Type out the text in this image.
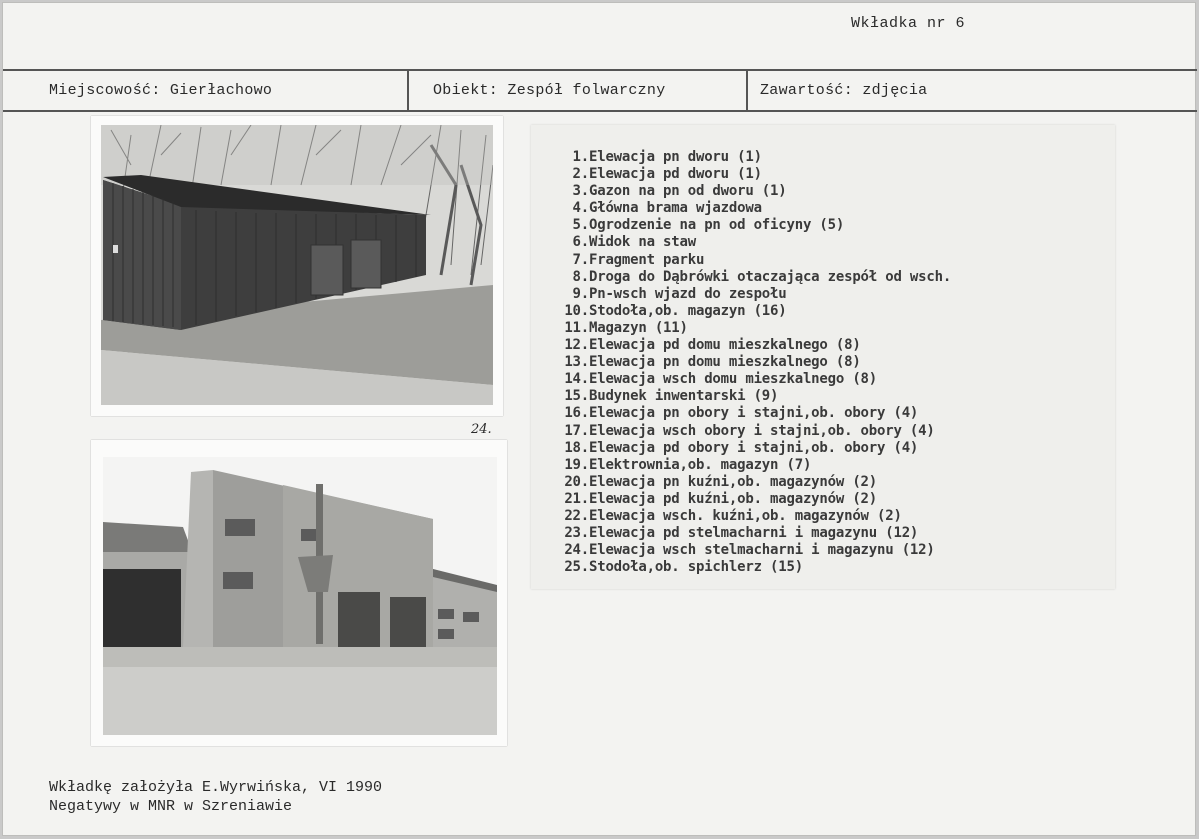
Wkładka nr 6
Miejscowość: Gierłachowo	Obiekt: Zespół folwarczny	Zawartość: zdjęcia
24.
1.Elewacja pn dworu (1)
2.Elewacja pd dworu (1)
3.Gazon na pn od dworu (1)
4.Główna brama wjazdowa
5.Ogrodzenie na pn od oficyny (5)
6.Widok na staw
7.Fragment parku
8.Droga do Dąbrówki otaczająca zespół od wsch.
9.Pn-wsch wjazd do zespołu
10.Stodoła,ob. magazyn (16)
11.Magazyn (11)
12.Elewacja pd domu mieszkalnego (8)
13.Elewacja pn domu mieszkalnego (8)
14.Elewacja wsch domu mieszkalnego (8)
15.Budynek inwentarski (9)
16.Elewacja pn obory i stajni,ob. obory (4)
17.Elewacja wsch obory i stajni,ob. obory (4)
18.Elewacja pd obory i stajni,ob. obory (4)
19.Elektrownia,ob. magazyn (7)
20.Elewacja pn kuźni,ob. magazynów (2)
21.Elewacja pd kuźni,ob. magazynów (2)
22.Elewacja wsch. kuźni,ob. magazynów (2)
23.Elewacja pd stelmacharni i magazynu (12)
24.Elewacja wsch stelmacharni i magazynu (12)
25.Stodoła,ob. spichlerz (15)
Wkładkę założyła E.Wyrwińska, VI 1990
Negatywy w MNR w Szreniawie
